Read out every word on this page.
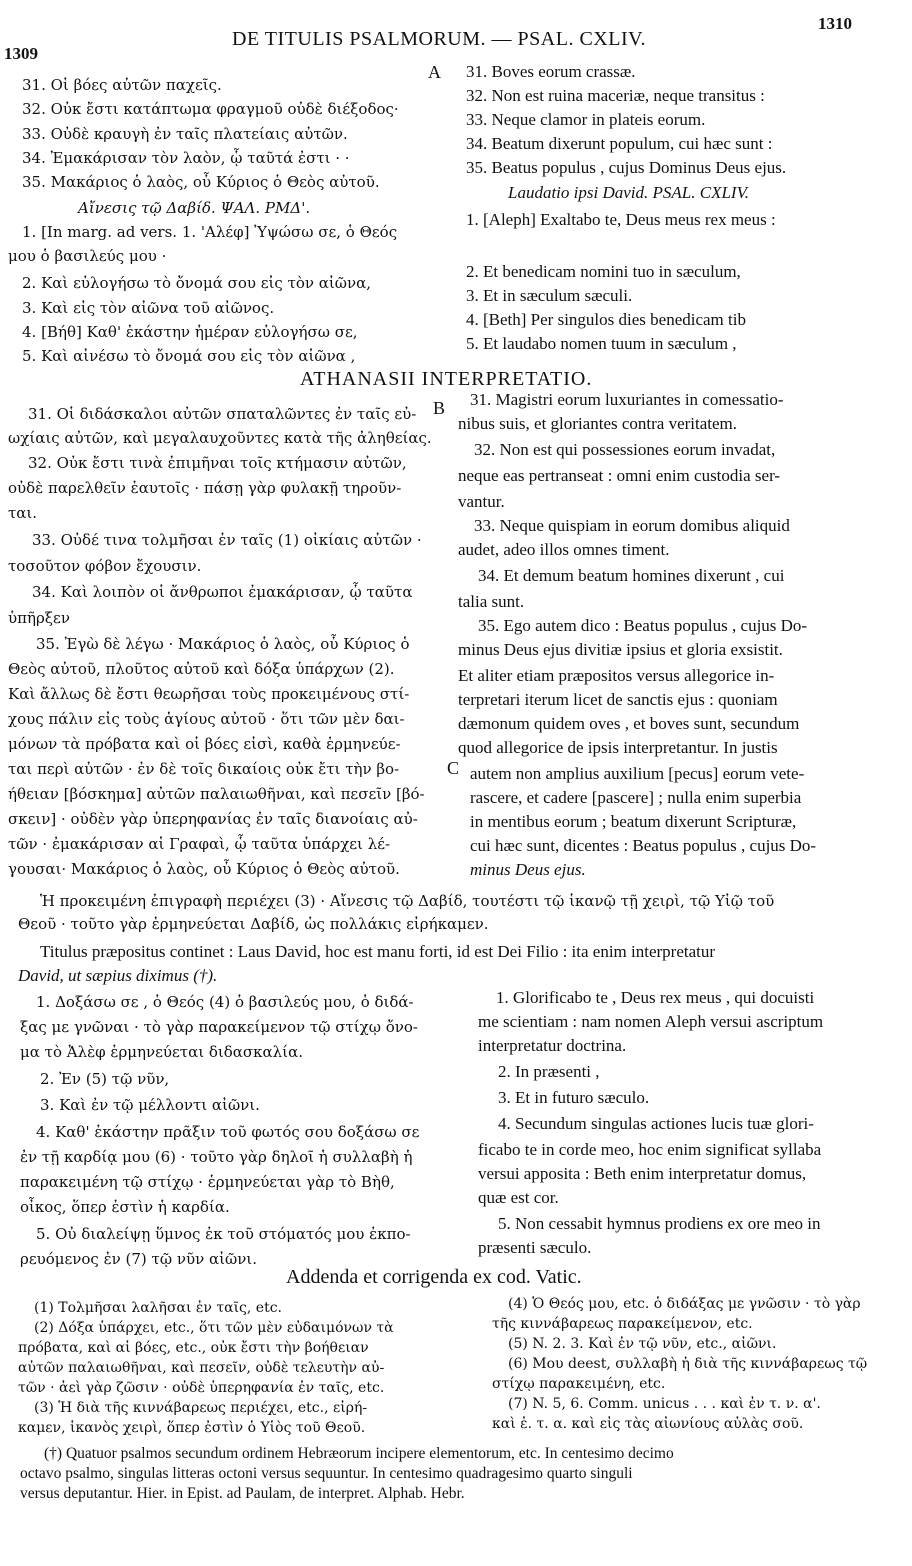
1309
DE TITULIS PSALMORUM. — PSAL. CXLIV.
1310
A
B
C
31. Οἱ βόες αὐτῶν παχεῖς.
32. Οὐκ ἔστι κατάπτωμα φραγμοῦ οὐδὲ διέξοδος·
33. Οὐδὲ κραυγὴ ἐν ταῖς πλατείαις αὐτῶν.
34. Ἐμακάρισαν τὸν λαὸν, ᾧ ταῦτά ἐστι · ·
35. Μακάριος ὁ λαὸς, οὗ Κύριος ὁ Θεὸς αὐτοῦ.
Αἴνεσις τῷ Δαβίδ. ΨΑΛ. ΡΜΔ'.
1. [In marg. ad vers. 1. 'Αλέφ] Ὑψώσω σε, ὁ Θεός
μου ὁ βασιλεύς μου ·
2. Καὶ εὐλογήσω τὸ ὄνομά σου εἰς τὸν αἰῶνα,
3. Καὶ εἰς τὸν αἰῶνα τοῦ αἰῶνος.
4. [Βήθ] Καθ' ἑκάστην ἡμέραν εὐλογήσω σε,
5. Καὶ αἰνέσω τὸ ὄνομά σου εἰς τὸν αἰῶνα ,
31. Boves eorum crassæ.
32. Non est ruina maceriæ, neque transitus :
33. Neque clamor in plateis eorum.
34. Beatum dixerunt populum, cui hæc sunt :
35. Beatus populus , cujus Dominus Deus ejus.
Laudatio ipsi David. PSAL. CXLIV.
1. [Aleph] Exaltabo te, Deus meus rex meus :
2. Et benedicam nomini tuo in sæculum,
3. Et in sæculum sæculi.
4. [Beth] Per singulos dies benedicam tib
5. Et laudabo nomen tuum in sæculum ,
ATHANASII INTERPRETATIO.
31. Οἱ διδάσκαλοι αὐτῶν σπαταλῶντες ἐν ταῖς εὐ-
ωχίαις αὐτῶν, καὶ μεγαλαυχοῦντες κατὰ τῆς ἀληθείας.
32. Οὐκ ἔστι τινὰ ἐπιμῆναι τοῖς κτήμασιν αὐτῶν,
οὐδὲ παρελθεῖν ἑαυτοῖς · πάσῃ γὰρ φυλακῇ τηροῦν-
ται.
33. Οὐδέ τινα τολμῆσαι ἐν ταῖς (1) οἰκίαις αὐτῶν ·
τοσοῦτον φόβον ἔχουσιν.
34. Καὶ λοιπὸν οἱ ἄνθρωποι ἐμακάρισαν, ᾧ ταῦτα
ὑπῆρξεν
35. Ἐγὼ δὲ λέγω · Μακάριος ὁ λαὸς, οὗ Κύριος ὁ
Θεὸς αὐτοῦ, πλοῦτος αὐτοῦ καὶ δόξα ὑπάρχων (2).
Καὶ ἄλλως δὲ ἔστι θεωρῆσαι τοὺς προκειμένους στί-
χους πάλιν εἰς τοὺς ἁγίους αὐτοῦ · ὅτι τῶν μὲν δαι-
μόνων τὰ πρόβατα καὶ οἱ βόες εἰσὶ, καθὰ ἑρμηνεύε-
ται περὶ αὐτῶν · ἐν δὲ τοῖς δικαίοις οὐκ ἔτι τὴν βο-
ήθειαν [βόσκημα] αὐτῶν παλαιωθῆναι, καὶ πεσεῖν [βό-
σκειν] · οὐδὲν γὰρ ὑπερηφανίας ἐν ταῖς διανοίαις αὐ-
τῶν · ἐμακάρισαν αἱ Γραφαὶ, ᾧ ταῦτα ὑπάρχει λέ-
γουσαι· Μακάριος ὁ λαὸς, οὗ Κύριος ὁ Θεὸς αὐτοῦ.
31. Magistri eorum luxuriantes in comessatio-
nibus suis, et gloriantes contra veritatem.
32. Non est qui possessiones eorum invadat,
neque eas pertranseat : omni enim custodia ser-
vantur.
33. Neque quispiam in eorum domibus aliquid
audet, adeo illos omnes timent.
34. Et demum beatum homines dixerunt , cui
talia sunt.
35. Ego autem dico : Beatus populus , cujus Do-
minus Deus ejus divitiæ ipsius et gloria exsistit.
Et aliter etiam præpositos versus allegorice in-
terpretari iterum licet de sanctis ejus : quoniam
dæmonum quidem oves , et boves sunt, secundum
quod allegorice de ipsis interpretantur. In justis
autem non amplius auxilium [pecus] eorum vete-
rascere, et cadere [pascere] ; nulla enim superbia
in mentibus eorum ; beatum dixerunt Scripturæ,
cui hæc sunt, dicentes : Beatus populus , cujus Do-
minus Deus ejus.
Ἡ προκειμένη ἐπιγραφὴ περιέχει (3) · Αἴνεσις τῷ Δαβίδ, τουτέστι τῷ ἱκανῷ τῇ χειρὶ, τῷ Υἱῷ τοῦ
Θεοῦ · τοῦτο γὰρ ἑρμηνεύεται Δαβίδ, ὡς πολλάκις εἰρήκαμεν.
Titulus præpositus continet : Laus David, hoc est manu forti, id est Dei Filio : ita enim interpretatur
David, ut sæpius diximus (†).
1. Δοξάσω σε , ὁ Θεός (4) ὁ βασιλεύς μου, ὁ διδά-
ξας με γνῶναι · τὸ γὰρ παρακείμενον τῷ στίχῳ ὄνο-
μα τὸ Ἀλὲφ ἑρμηνεύεται διδασκαλία.
2. Ἐν (5) τῷ νῦν,
3. Καὶ ἐν τῷ μέλλοντι αἰῶνι.
4. Καθ' ἑκάστην πρᾶξιν τοῦ φωτός σου δοξάσω σε
ἐν τῇ καρδίᾳ μου (6) · τοῦτο γὰρ δηλοῖ ἡ συλλαβὴ ἡ
παρακειμένη τῷ στίχῳ · ἑρμηνεύεται γὰρ τὸ Βὴθ,
οἶκος, ὅπερ ἐστὶν ἡ καρδία.
5. Οὐ διαλείψῃ ὕμνος ἐκ τοῦ στόματός μου ἐκπο-
ρευόμενος ἐν (7) τῷ νῦν αἰῶνι.
1. Glorificabo te , Deus rex meus , qui docuisti
me scientiam : nam nomen Aleph versui ascriptum
interpretatur doctrina.
2. In præsenti ,
3. Et in futuro sæculo.
4. Secundum singulas actiones lucis tuæ glori-
ficabo te in corde meo, hoc enim significat syllaba
versui apposita : Beth enim interpretatur domus,
quæ est cor.
5. Non cessabit hymnus prodiens ex ore meo in
præsenti sæculo.
Addenda et corrigenda ex cod. Vatic.
(1) Τολμῆσαι λαλῆσαι ἐν ταῖς, etc.
(2) Δόξα ὑπάρχει, etc., ὅτι τῶν μὲν εὐδαιμόνων τὰ
πρόβατα, καὶ αἱ βόες, etc., οὐκ ἔστι τὴν βοήθειαν
αὐτῶν παλαιωθῆναι, καὶ πεσεῖν, οὐδὲ τελευτὴν αὐ-
τῶν · ἀεὶ γὰρ ζῶσιν · οὐδὲ ὑπερηφανία ἐν ταῖς, etc.
(3) Ἡ διὰ τῆς κιννάβαρεως περιέχει, etc., εἰρή-
καμεν, ἱκανὸς χειρὶ, ὅπερ ἐστὶν ὁ Υἱὸς τοῦ Θεοῦ.
(4) Ὁ Θεός μου, etc. ὁ διδάξας με γνῶσιν · τὸ γὰρ
τῆς κιννάβαρεως παρακείμενον, etc.
(5) N. 2. 3. Καὶ ἐν τῷ νῦν, etc., αἰῶνι.
(6) Μου deest, συλλαβὴ ἡ διὰ τῆς κιννάβαρεως τῷ
στίχῳ παρακειμένη, etc.
(7) N. 5, 6. Comm. unicus . . . καὶ ἐν τ. ν. α'.
καὶ ἐ. τ. α. καὶ εἰς τὰς αἰωνίους αὐλὰς σοῦ.
(†) Quatuor psalmos secundum ordinem Hebræorum incipere elementorum, etc. In centesimo decimo
octavo psalmo, singulas litteras octoni versus sequuntur. In centesimo quadragesimo quarto singuli
versus deputantur. Hier. in Epist. ad Paulam, de interpret. Alphab. Hebr.
